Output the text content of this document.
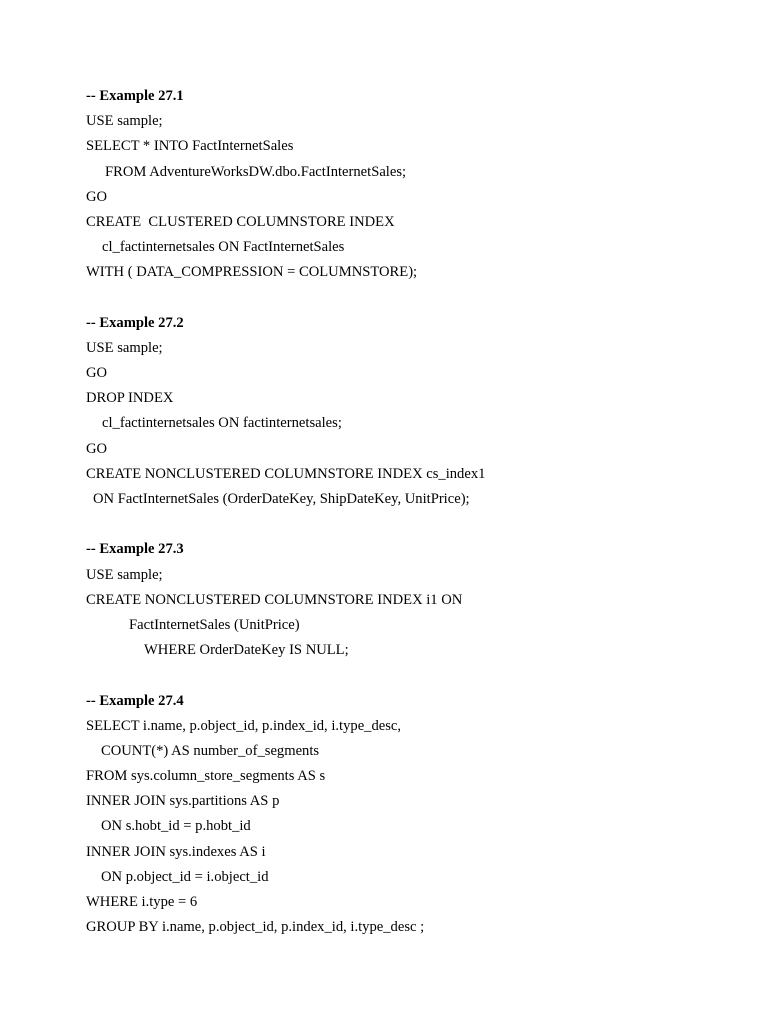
-- Example 27.1
USE sample;
SELECT * INTO FactInternetSales
FROM AdventureWorksDW.dbo.FactInternetSales;
GO
CREATE  CLUSTERED COLUMNSTORE INDEX
cl_factinternetsales ON FactInternetSales
WITH ( DATA_COMPRESSION = COLUMNSTORE);
-- Example 27.2
USE sample;
GO
DROP INDEX
cl_factinternetsales ON factinternetsales;
GO
CREATE NONCLUSTERED COLUMNSTORE INDEX cs_index1
ON FactInternetSales (OrderDateKey, ShipDateKey, UnitPrice);
-- Example 27.3
USE sample;
CREATE NONCLUSTERED COLUMNSTORE INDEX i1 ON
FactInternetSales (UnitPrice)
WHERE OrderDateKey IS NULL;
-- Example 27.4
SELECT i.name, p.object_id, p.index_id, i.type_desc,
COUNT(*) AS number_of_segments
FROM sys.column_store_segments AS s
INNER JOIN sys.partitions AS p
ON s.hobt_id = p.hobt_id
INNER JOIN sys.indexes AS i
ON p.object_id = i.object_id
WHERE i.type = 6
GROUP BY i.name, p.object_id, p.index_id, i.type_desc ;
